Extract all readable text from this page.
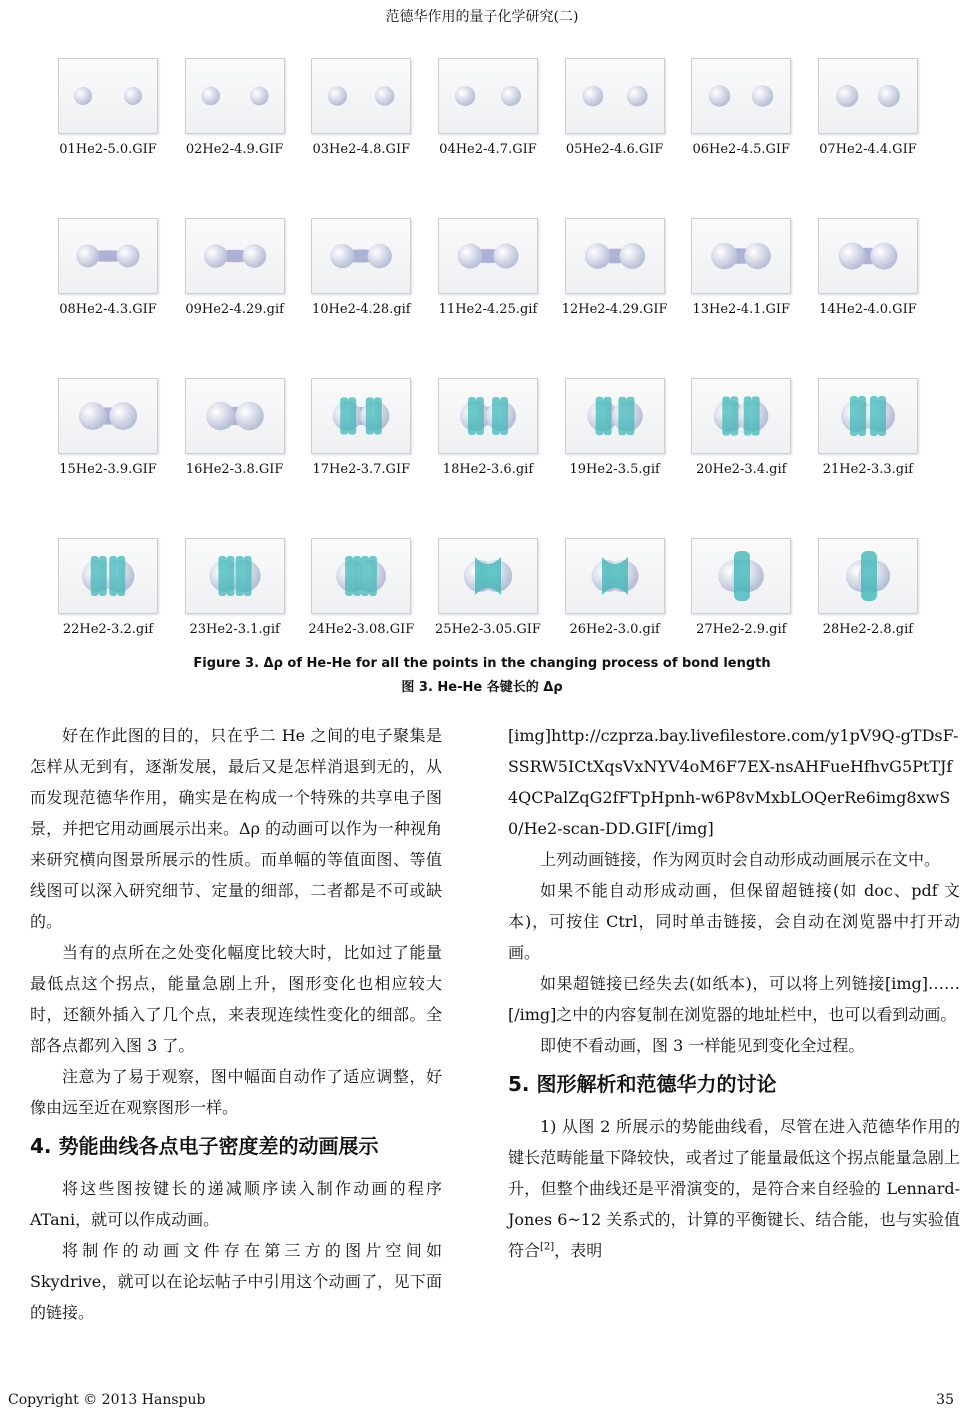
范德华作用的量子化学研究(二)
01He2-5.0.GIF 02He2-4.9.GIF 03He2-4.8.GIF 04He2-4.7.GIF 05He2-4.6.GIF 06He2-4.5.GIF 07He2-4.4.GIF
08He2-4.3.GIF 09He2-4.29.gif 10He2-4.28.gif 11He2-4.25.gif 12He2-4.29.GIF 13He2-4.1.GIF 14He2-4.0.GIF
15He2-3.9.GIF 16He2-3.8.GIF 17He2-3.7.GIF	18He2-3.6.gif	19He2-3.5.gif	20He2-3.4.gif	21He2-3.3.gif
22He2-3.2.gif	23He2-3.1.gif 24He2-3.08.GIF 25He2-3.05.GIF 26He2-3.0.gif	27He2-2.9.gif	28He2-2.8.gif
Figure 3. Δρ of He-He for all the points in the changing process of bond length
图 3. He-He 各键长的 Δρ

好在作此图的目的，只在乎二 He 之间的电子聚集是怎样从无到有，逐渐发展，最后又是怎样消退到无的，从而发现范德华作用，确实是在构成一个特殊的共享电子图景，并把它用动画展示出来。Δρ 的动画可以作为一种视角来研究横向图景所展示的性质。而单幅的等值面图、等值线图可以深入研究细节、定量的细部，二者都是不可或缺的。

当有的点所在之处变化幅度比较大时，比如过了能量最低点这个拐点，能量急剧上升，图形变化也相应较大时，还额外插入了几个点，来表现连续性变化的细部。全部各点都列入图 3 了。

注意为了易于观察，图中幅面自动作了适应调整，好像由远至近在观察图形一样。

4. 势能曲线各点电子密度差的动画展示

将这些图按键长的递减顺序读入制作动画的程序 ATani，就可以作成动画。

将制作的动画文件存在第三方的图片空间如 Skydrive，就可以在论坛帖子中引用这个动画了，见下面的链接。

[img]http://czprza.bay.livefilestore.com/y1pV9Q-gTDsF-SSRW5ICtXqsVxNYV4oM6F7EX-nsAHFueHfhvG5PtTJf4QCPalZqG2fFTpHpnh-w6P8vMxbLOQerRe6img8xwS0/He2-scan-DD.GIF[/img]

上列动画链接，作为网页时会自动形成动画展示在文中。

如果不能自动形成动画，但保留超链接(如 doc、pdf 文本)，可按住 Ctrl，同时单击链接，会自动在浏览器中打开动画。

如果超链接已经失去(如纸本)，可以将上列链接[img]……[/img]之中的内容复制在浏览器的地址栏中，也可以看到动画。

即使不看动画，图 3 一样能见到变化全过程。

5. 图形解析和范德华力的讨论

1) 从图 2 所展示的势能曲线看，尽管在进入范德华作用的键长范畴能量下降较快，或者过了能量最低这个拐点能量急剧上升，但整个曲线还是平滑演变的，是符合来自经验的 Lennard-Jones 6~12 关系式的，计算的平衡键长、结合能，也与实验值符合[2]，表明

Copyright © 2013 Hanspub	35
